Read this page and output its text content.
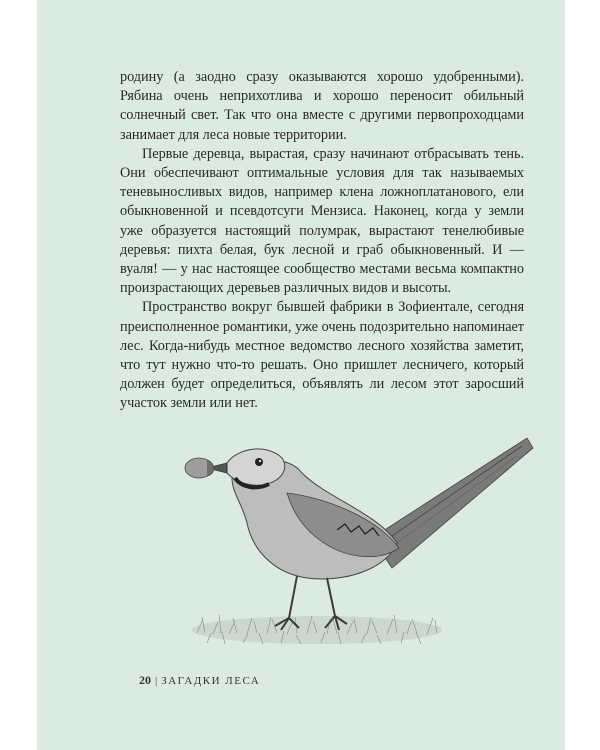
родину (а заодно сразу оказываются хорошо удобренными). Рябина очень неприхотлива и хорошо переносит обильный солнечный свет. Так что она вместе с другими первопроходцами занимает для леса новые территории.

Первые деревца, вырастая, сразу начинают отбрасывать тень. Они обеспечивают оптимальные условия для так называемых теневыносливых видов, например клена ложноплатанового, ели обыкновенной и псевдотсуги Мензиса. Наконец, когда у земли уже образуется настоящий полумрак, вырастают тенелюбивые деревья: пихта белая, бук лесной и граб обыкновенный. И — вуаля! — у нас настоящее сообщество местами весьма компактно произрастающих деревьев различных видов и высоты.

Пространство вокруг бывшей фабрики в Зофиентале, сегодня преисполненное романтики, уже очень подозрительно напоминает лес. Когда-нибудь местное ведомство лесного хозяйства заметит, что тут нужно что-то решать. Оно пришлет лесничего, который должен будет определиться, объявлять ли лесом этот заросший участок земли или нет.

20 | ЗАГАДКИ ЛЕСА
